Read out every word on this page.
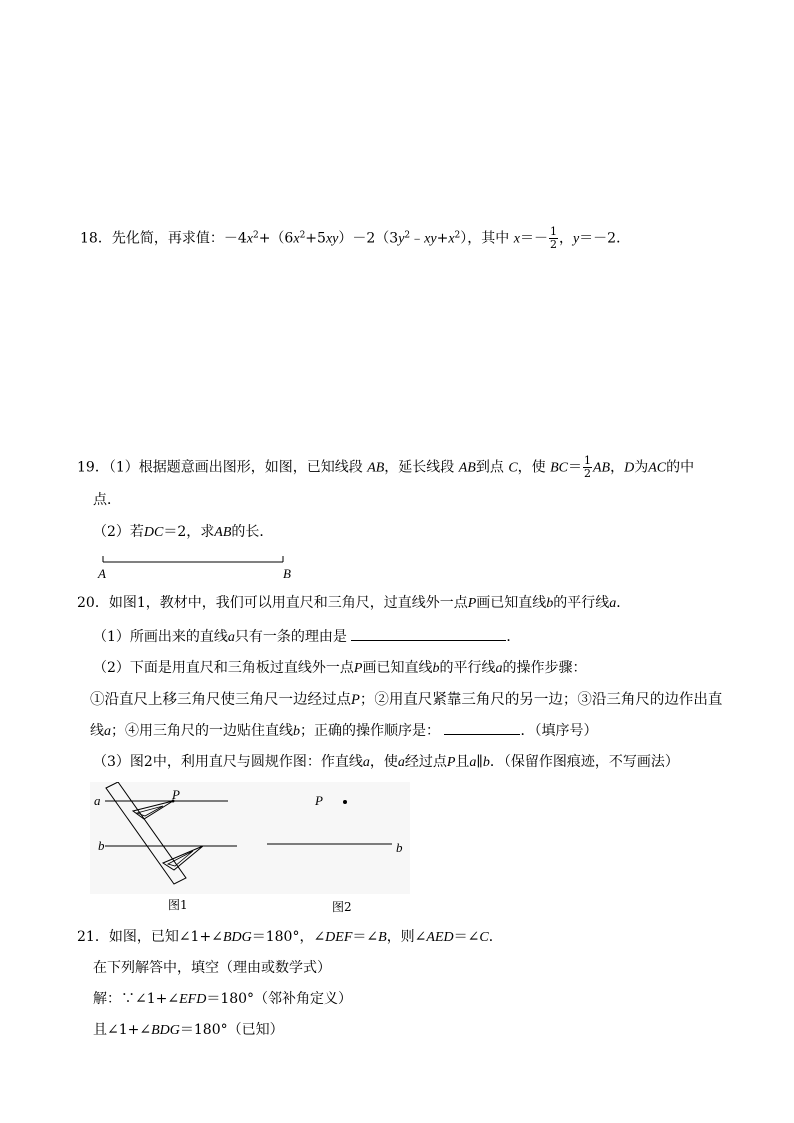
18．先化简，再求值：$-4x^2+(6x^2+5xy)-2(3y^2﹣xy+x^2)$，其中 $x=- \frac{1}{2}$ ，y＝－2．
19．（1）根据题意画出图形，如图，已知线段 AB，延长线段 AB到点 C，使 $BC= \frac{1}{2}$ AB，D为AC的中
点．
（2）若DC＝2，求AB的长．
A	B
20．如图1，教材中，我们可以用直尺和三角尺，过直线外一点P画已知直线b的平行线a．
（1）所画出来的直线a只有一条的理由是	．
（2）下面是用直尺和三角板过直线外一点P画已知直线b的平行线a的操作步骤：
①沿直尺上移三角尺使三角尺一边经过点P；②用直尺紧靠三角尺的另一边；③沿三角尺的边作出直
线a；④用三角尺的一边贴住直线b；正确的操作顺序是：	．（填序号）
（3）图2中，利用直尺与圆规作图：作直线a，使a经过点P且a∥b．（保留作图痕迹，不写画法）
a	P
b
图1
P
b
图2
21．如图，已知∠1+∠BDG＝180°，∠DEF＝∠B，则∠AED＝∠C．
在下列解答中，填空（理由或数学式）
解：∵∠1+∠EFD＝180°（邻补角定义）
且∠1+∠BDG＝180°（已知）
